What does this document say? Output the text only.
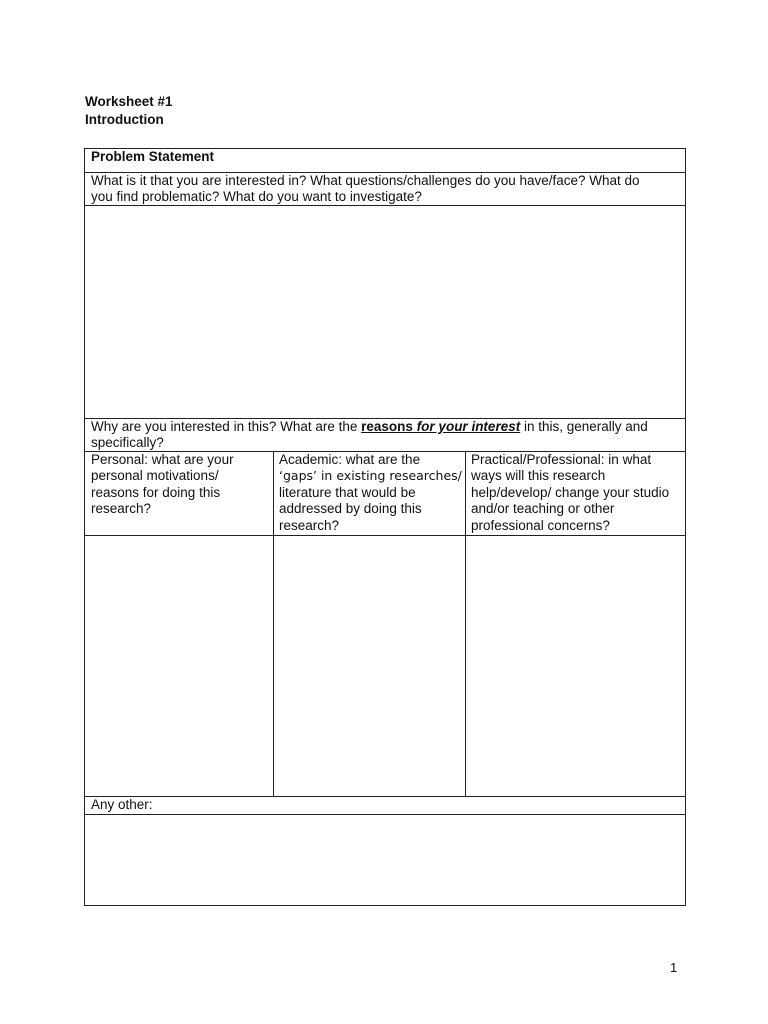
Worksheet #1
Introduction
Problem Statement
What is it that you are interested in? What questions/challenges do you have/face? What do
you find problematic? What do you want to investigate?
Why are you interested in this? What are the reasons for your interest in this, generally and
specifically?
Personal: what are your
personal motivations/
reasons for doing this
research?
Academic: what are the
‘gaps’ in existing researches/
literature that would be
addressed by doing this
research?
Practical/Professional: in what
ways will this research
help/develop/ change your studio
and/or teaching or other
professional concerns?
Any other:
1
